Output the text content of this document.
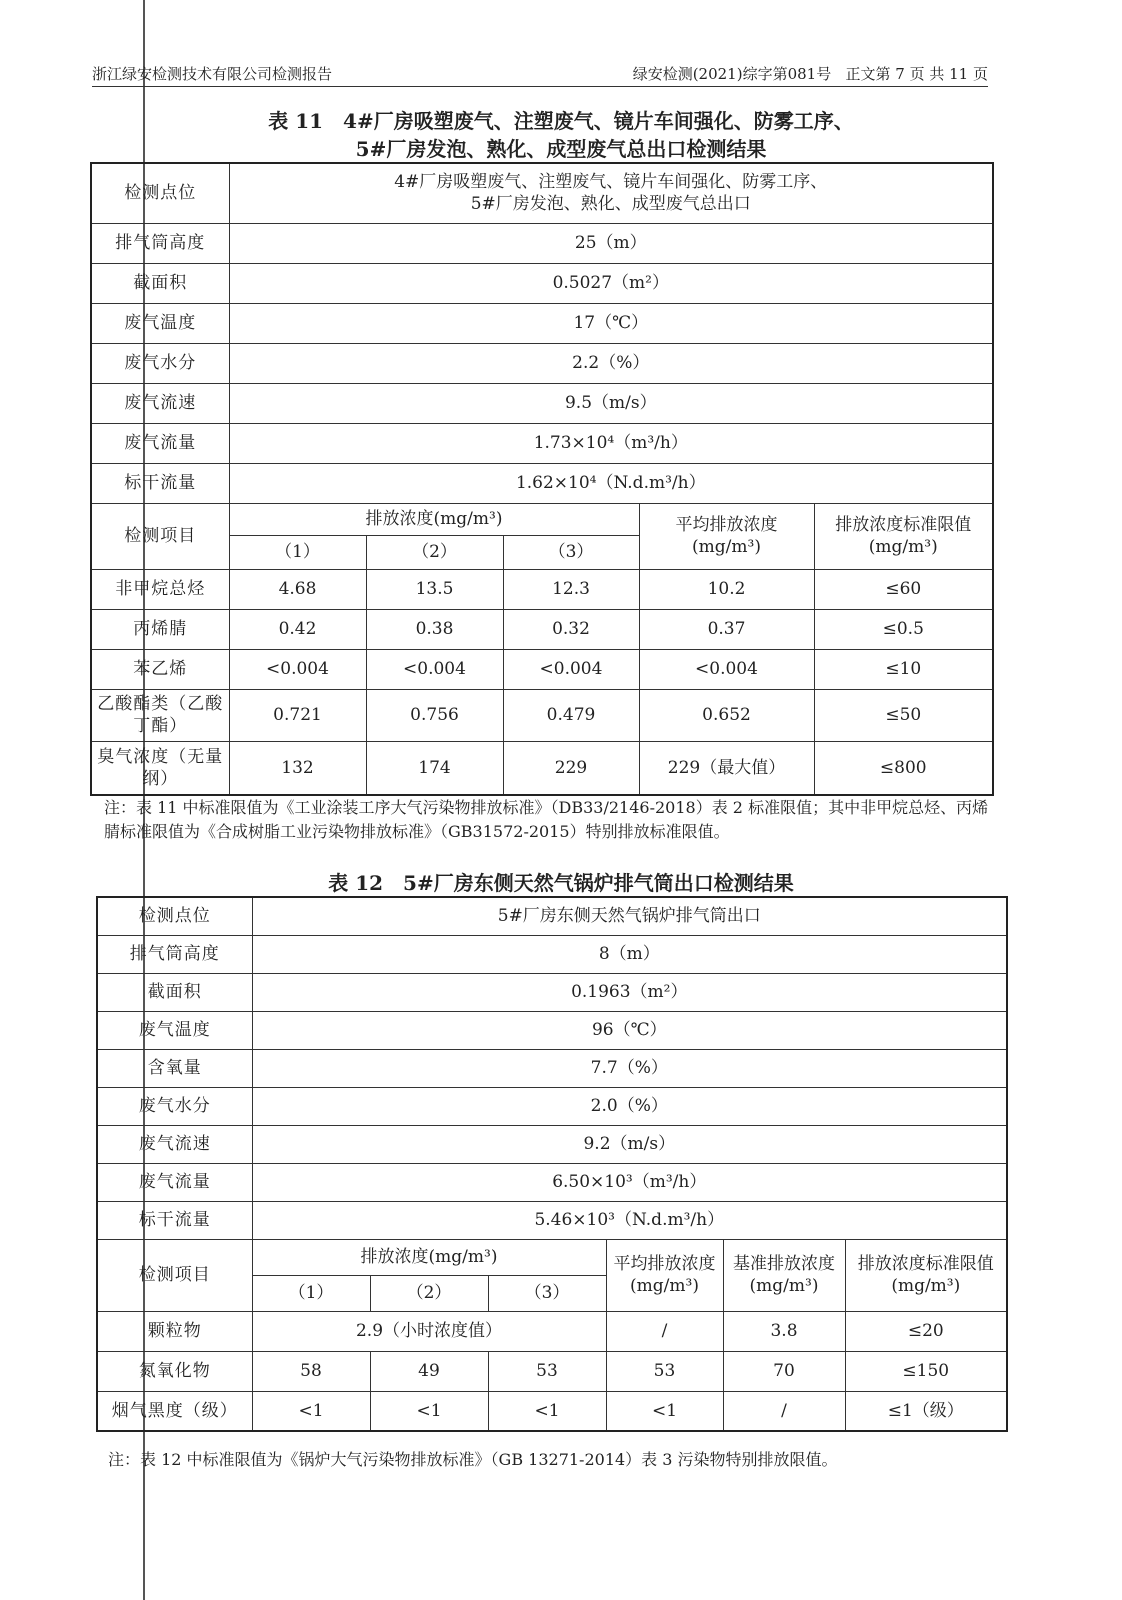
浙江绿安检测技术有限公司检测报告	绿安检测(2021)综字第081号 正文第 7 页 共 11 页
表 11　4#厂房吸塑废气、注塑废气、镜片车间强化、防雾工序、
5#厂房发泡、熟化、成型废气总出口检测结果
检测点位	4#厂房吸塑废气、注塑废气、镜片车间强化、防雾工序、
5#厂房发泡、熟化、成型废气总出口				

排气筒高度	25（m）				
截面积	0.5027（m²）				
废气温度	17（℃）				
废气水分	2.2（%）				
废气流速	9.5（m/s）				
废气流量	1.73×10⁴（m³/h）				
标干流量	1.62×10⁴（N.d.m³/h）				
检测项目	排放浓度(mg/m³)			平均排放浓度(mg/m³)	排放浓度标准限值(mg/m³)
	（1）	（2）	（3）		
非甲烷总烃	4.68	13.5	12.3	10.2	≤60
丙烯腈	0.42	0.38	0.32	0.37	≤0.5
苯乙烯	<0.004	<0.004	<0.004	<0.004	≤10
乙酸酯类（乙酸丁酯）	0.721	0.756	0.479	0.652	≤50
臭气浓度（无量纲）	132	174	229	229（最大值）	≤800
注：表 11 中标准限值为《工业涂装工序大气污染物排放标准》（DB33/2146-2018）表 2 标准限值；其中非甲烷总烃、丙烯腈标准限值为《合成树脂工业污染物排放标准》（GB31572-2015）特别排放标准限值。
表 12　5#厂房东侧天然气锅炉排气筒出口检测结果
检测点位	5#厂房东侧天然气锅炉排气筒出口					
排气筒高度	8（m）					
截面积	0.1963（m²）					
废气温度	96（℃）					
含氧量	7.7（%）					
废气水分	2.0（%）					
废气流速	9.2（m/s）					
废气流量	6.50×10³（m³/h）					
标干流量	5.46×10³（N.d.m³/h）					
检测项目	排放浓度(mg/m³)			平均排放浓度(mg/m³)	基准排放浓度(mg/m³)	排放浓度标准限值(mg/m³)
	（1）	（2）	（3）			
颗粒物	2.9（小时浓度值）			/	3.8	≤20
氮氧化物	58	49	53	53	70	≤150
烟气黑度（级）	<1	<1	<1	<1	/	≤1（级）
注：表 12 中标准限值为《锅炉大气污染物排放标准》（GB 13271-2014）表 3 污染物特别排放限值。
